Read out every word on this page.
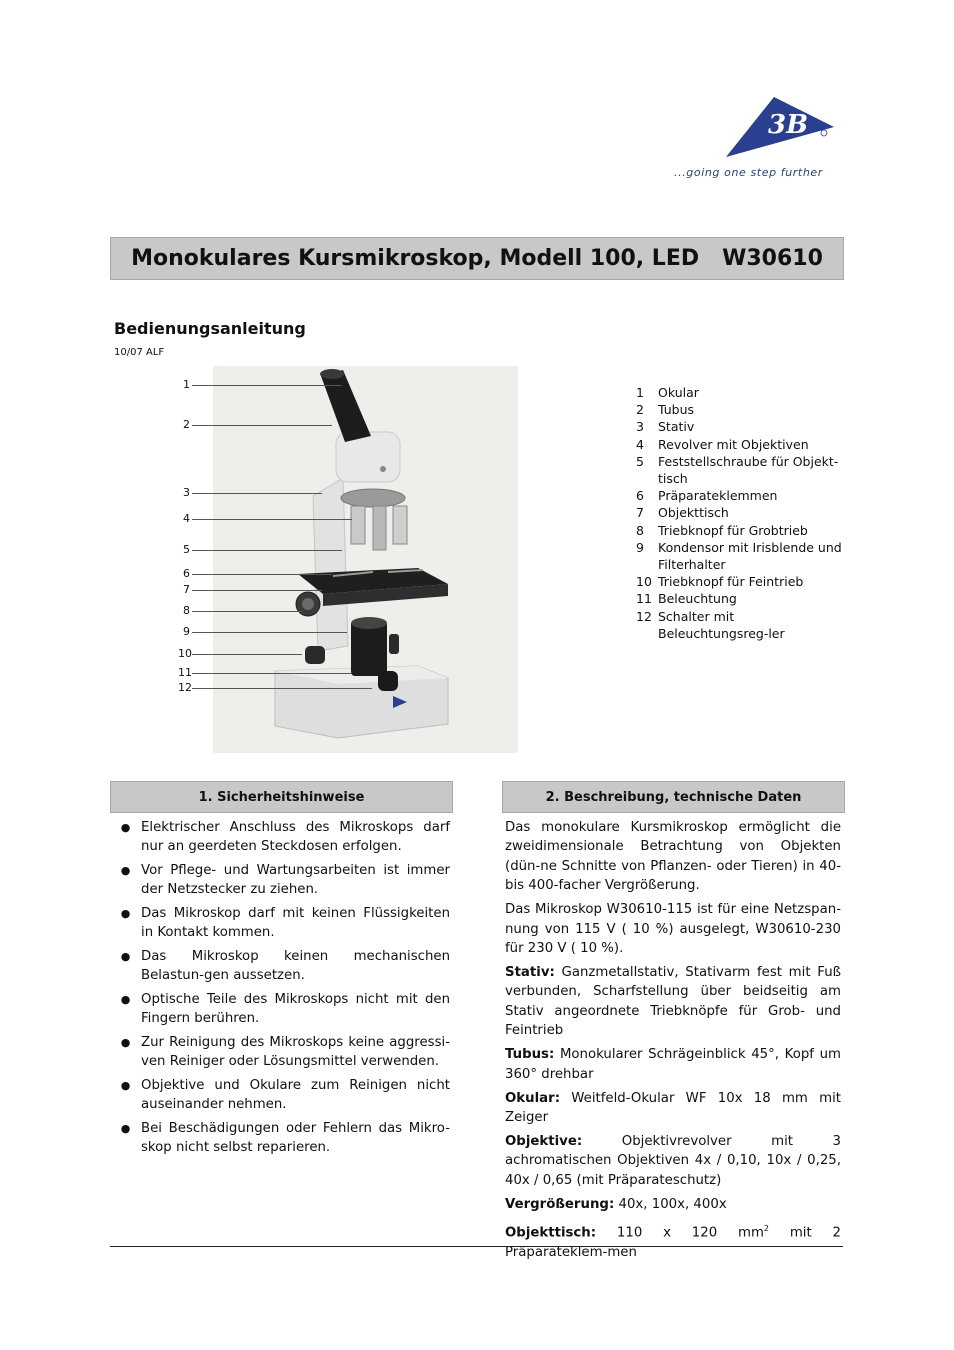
3B
...going one step further
Monokulares Kursmikroskop, Modell 100, LED   W30610
Bedienungsanleitung
10/07 ALF
1
2
3
4
5
6
7
8
9
10
11
12
1	Okular
2	Tubus
3	Stativ
4	Revolver mit Objektiven
5	Feststellschraube für Objekt-tisch
6	Präparateklemmen
7	Objekttisch
8	Triebknopf für Grobtrieb
9	Kondensor mit Irisblende und Filterhalter
10 Triebknopf für Feintrieb
11 Beleuchtung
12 Schalter mit Beleuchtungsreg-ler
1. Sicherheitshinweise
● Elektrischer Anschluss des Mikroskops darf nur an geerdeten Steckdosen erfolgen.
● Vor Pflege- und Wartungsarbeiten ist immer der Netzstecker zu ziehen.
● Das Mikroskop darf mit keinen Flüssigkeiten in Kontakt kommen.
● Das Mikroskop keinen mechanischen Belastun-gen aussetzen.
● Optische Teile des Mikroskops nicht mit den Fingern berühren.
● Zur Reinigung des Mikroskops keine aggressi-ven Reiniger oder Lösungsmittel verwenden.
● Objektive und Okulare zum Reinigen nicht auseinander nehmen.
● Bei Beschädigungen oder Fehlern das Mikro-skop nicht selbst reparieren.
2. Beschreibung, technische Daten
Das monokulare Kursmikroskop ermöglicht die zweidimensionale Betrachtung von Objekten (dün-ne Schnitte von Pflanzen- oder Tieren) in 40- bis 400-facher Vergrößerung.
Das Mikroskop W30610-115 ist für eine Netzspan-nung von 115 V ( 10 %) ausgelegt, W30610-230 für 230 V ( 10 %).
Stativ: Ganzmetallstativ, Stativarm fest mit Fuß verbunden, Scharfstellung über beidseitig am Stativ angeordnete Triebknöpfe für Grob- und Feintrieb
Tubus: Monokularer Schrägeinblick 45°, Kopf um 360° drehbar
Okular: Weitfeld-Okular WF 10x 18 mm mit Zeiger
Objektive: Objektivrevolver mit 3 achromatischen Objektiven 4x / 0,10, 10x / 0,25, 40x / 0,65 (mit Präparateschutz)
Vergrößerung: 40x, 100x, 400x
Objekttisch: 110 x 120 $mm^2$ mit 2 Präparateklem-men
